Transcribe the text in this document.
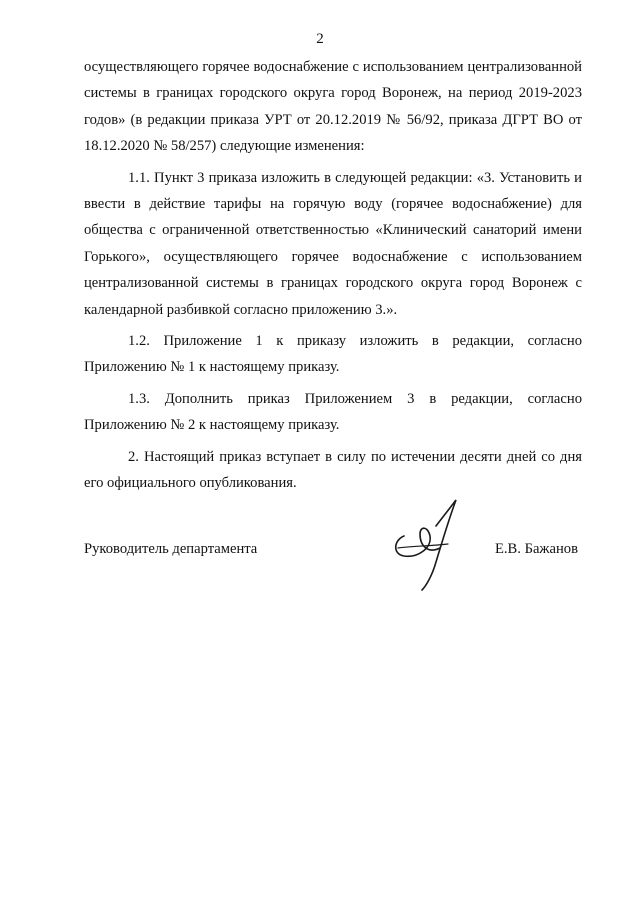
2

осуществляющего горячее водоснабжение с использованием централизованной системы в границах городского округа город Воронеж, на период 2019-2023 годов» (в редакции приказа УРТ от 20.12.2019 № 56/92, приказа ДГРТ ВО от 18.12.2020 № 58/257) следующие изменения:

1.1. Пункт 3 приказа изложить в следующей редакции: «3. Установить и ввести в действие тарифы на горячую воду (горячее водоснабжение) для общества с ограниченной ответственностью «Клинический санаторий имени Горького», осуществляющего горячее водоснабжение с использованием централизованной системы в границах городского округа город Воронеж с календарной разбивкой согласно приложению 3.».

1.2. Приложение 1 к приказу изложить в редакции, согласно Приложению № 1 к настоящему приказу.

1.3. Дополнить приказ Приложением 3 в редакции, согласно Приложению № 2 к настоящему приказу.

2. Настоящий приказ вступает в силу по истечении десяти дней со дня его официального опубликования.

Руководитель департамента	Е.В. Бажанов
